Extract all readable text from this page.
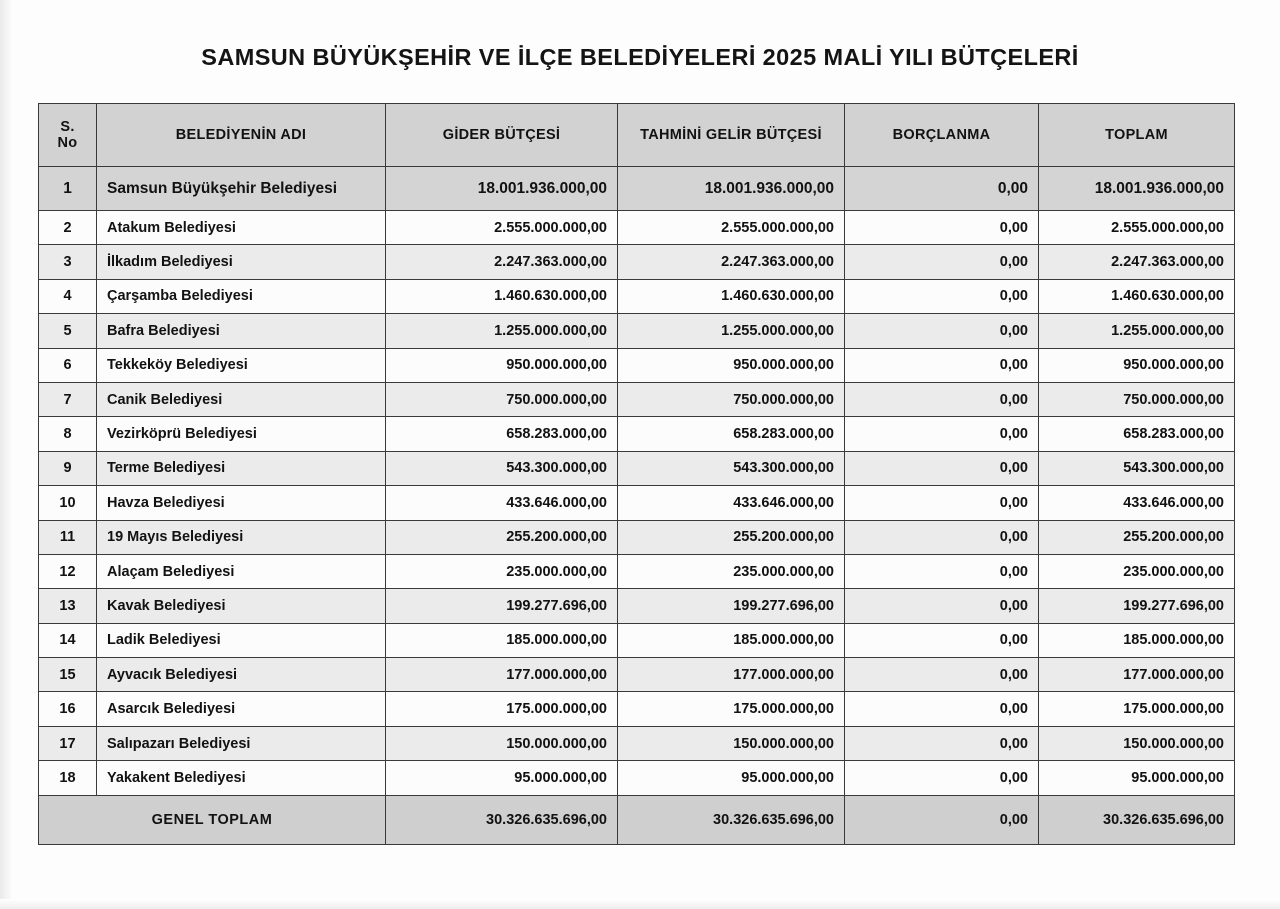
SAMSUN BÜYÜKŞEHİR VE İLÇE BELEDİYELERİ 2025 MALİ YILI BÜTÇELERİ
S. No	BELEDİYENİN ADI	GİDER BÜTÇESİ	TAHMİNİ GELİR BÜTÇESİ	BORÇLANMA	TOPLAM
1	Samsun Büyükşehir Belediyesi	18.001.936.000,00	18.001.936.000,00	0,00	18.001.936.000,00
2	Atakum Belediyesi	2.555.000.000,00	2.555.000.000,00	0,00	2.555.000.000,00
3	İlkadım Belediyesi	2.247.363.000,00	2.247.363.000,00	0,00	2.247.363.000,00
4	Çarşamba Belediyesi	1.460.630.000,00	1.460.630.000,00	0,00	1.460.630.000,00
5	Bafra Belediyesi	1.255.000.000,00	1.255.000.000,00	0,00	1.255.000.000,00
6	Tekkeköy Belediyesi	950.000.000,00	950.000.000,00	0,00	950.000.000,00
7	Canik Belediyesi	750.000.000,00	750.000.000,00	0,00	750.000.000,00
8	Vezirköprü Belediyesi	658.283.000,00	658.283.000,00	0,00	658.283.000,00
9	Terme Belediyesi	543.300.000,00	543.300.000,00	0,00	543.300.000,00
10	Havza Belediyesi	433.646.000,00	433.646.000,00	0,00	433.646.000,00
11	19 Mayıs Belediyesi	255.200.000,00	255.200.000,00	0,00	255.200.000,00
12	Alaçam Belediyesi	235.000.000,00	235.000.000,00	0,00	235.000.000,00
13	Kavak Belediyesi	199.277.696,00	199.277.696,00	0,00	199.277.696,00
14	Ladik Belediyesi	185.000.000,00	185.000.000,00	0,00	185.000.000,00
15	Ayvacık Belediyesi	177.000.000,00	177.000.000,00	0,00	177.000.000,00
16	Asarcık Belediyesi	175.000.000,00	175.000.000,00	0,00	175.000.000,00
17	Salıpazarı Belediyesi	150.000.000,00	150.000.000,00	0,00	150.000.000,00
18	Yakakent Belediyesi	95.000.000,00	95.000.000,00	0,00	95.000.000,00
GENEL TOPLAM		30.326.635.696,00	30.326.635.696,00	0,00	30.326.635.696,00
